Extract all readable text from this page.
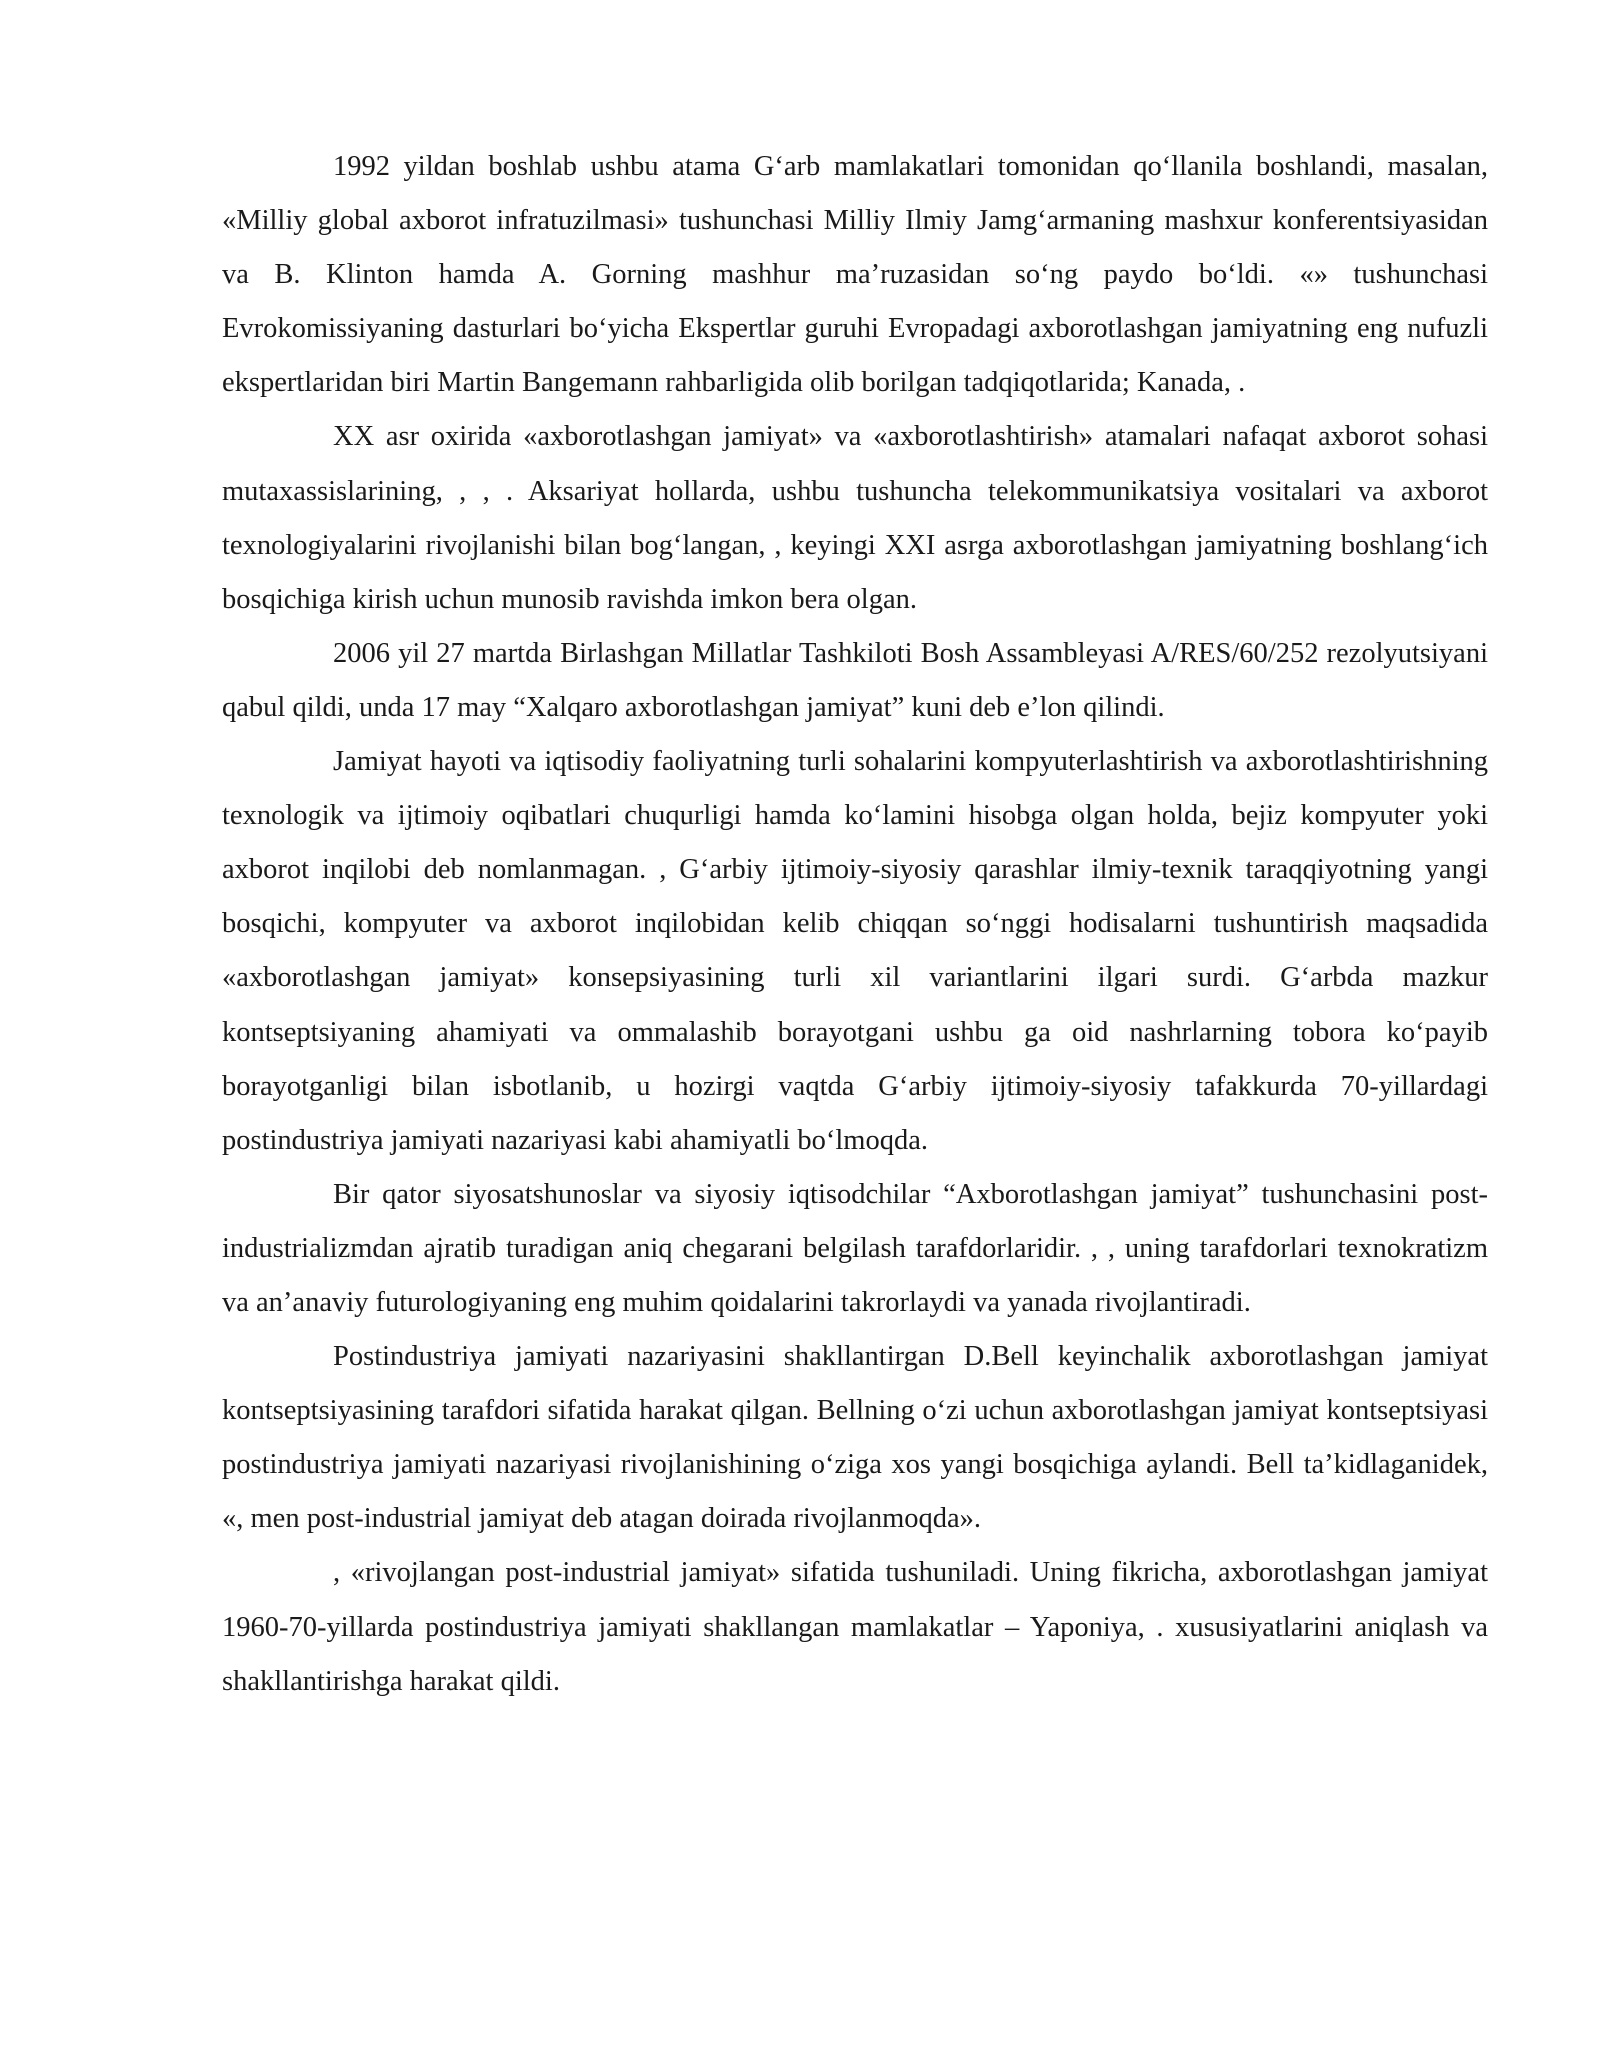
1992 yildan boshlab ushbu atama G‘arb mamlakatlari tomonidan qo‘llanila boshlandi, masalan, «Milliy global axborot infratuzilmasi» tushunchasi Milliy Ilmiy Jamg‘armaning mashxur konferentsiyasidan va B. Klinton hamda A. Gorning mashhur ma’ruzasidan so‘ng paydo bo‘ldi. «» tushunchasi Evrokomissiyaning dasturlari bo‘yicha Ekspertlar guruhi Evropadagi axborotlashgan jamiyatning eng nufuzli ekspertlaridan biri Martin Bangemann rahbarligida olib borilgan tadqiqotlarida; Kanada, .

XX asr oxirida «axborotlashgan jamiyat» va «axborotlashtirish» atamalari nafaqat axborot sohasi mutaxassislarining, , , . Aksariyat hollarda, ushbu tushuncha telekommunikatsiya vositalari va axborot texnologiyalarini rivojlanishi bilan bog‘langan, , keyingi XXI asrga axborotlashgan jamiyatning boshlang‘ich bosqichiga kirish uchun munosib ravishda imkon bera olgan.

2006 yil 27 martda Birlashgan Millatlar Tashkiloti Bosh Assambleyasi A/RES/60/252 rezolyutsiyani qabul qildi, unda 17 may “Xalqaro axborotlashgan jamiyat” kuni deb e’lon qilindi.

Jamiyat hayoti va iqtisodiy faoliyatning turli sohalarini kompyuterlashtirish va axborotlashtirishning texnologik va ijtimoiy oqibatlari chuqurligi hamda ko‘lamini hisobga olgan holda, bejiz kompyuter yoki axborot inqilobi deb nomlanmagan. , G‘arbiy ijtimoiy-siyosiy qarashlar ilmiy-texnik taraqqiyotning yangi bosqichi, kompyuter va axborot inqilobidan kelib chiqqan so‘nggi hodisalarni tushuntirish maqsadida «axborotlashgan jamiyat» konsepsiyasining turli xil variantlarini ilgari surdi. G‘arbda mazkur kontseptsiyaning ahamiyati va ommalashib borayotgani ushbu ga oid nashrlarning tobora ko‘payib borayotganligi bilan isbotlanib, u hozirgi vaqtda G‘arbiy ijtimoiy-siyosiy tafakkurda 70-yillardagi postindustriya jamiyati nazariyasi kabi ahamiyatli bo‘lmoqda.

Bir qator siyosatshunoslar va siyosiy iqtisodchilar “Axborotlashgan jamiyat” tushunchasini post-industrializmdan ajratib turadigan aniq chegarani belgilash tarafdorlaridir. , , uning tarafdorlari texnokratizm va an’anaviy futurologiyaning eng muhim qoidalarini takrorlaydi va yanada rivojlantiradi.

Postindustriya jamiyati nazariyasini shakllantirgan D.Bell keyinchalik axborotlashgan jamiyat kontseptsiyasining tarafdori sifatida harakat qilgan. Bellning o‘zi uchun axborotlashgan jamiyat kontseptsiyasi postindustriya jamiyati nazariyasi rivojlanishining o‘ziga xos yangi bosqichiga aylandi. Bell ta’kidlaganidek, «, men post-industrial jamiyat deb atagan doirada rivojlanmoqda».

, «rivojlangan post-industrial jamiyat» sifatida tushuniladi. Uning fikricha, axborotlashgan jamiyat 1960-70-yillarda postindustriya jamiyati shakllangan mamlakatlar – Yaponiya, . xususiyatlarini aniqlash va shakllantirishga harakat qildi.
